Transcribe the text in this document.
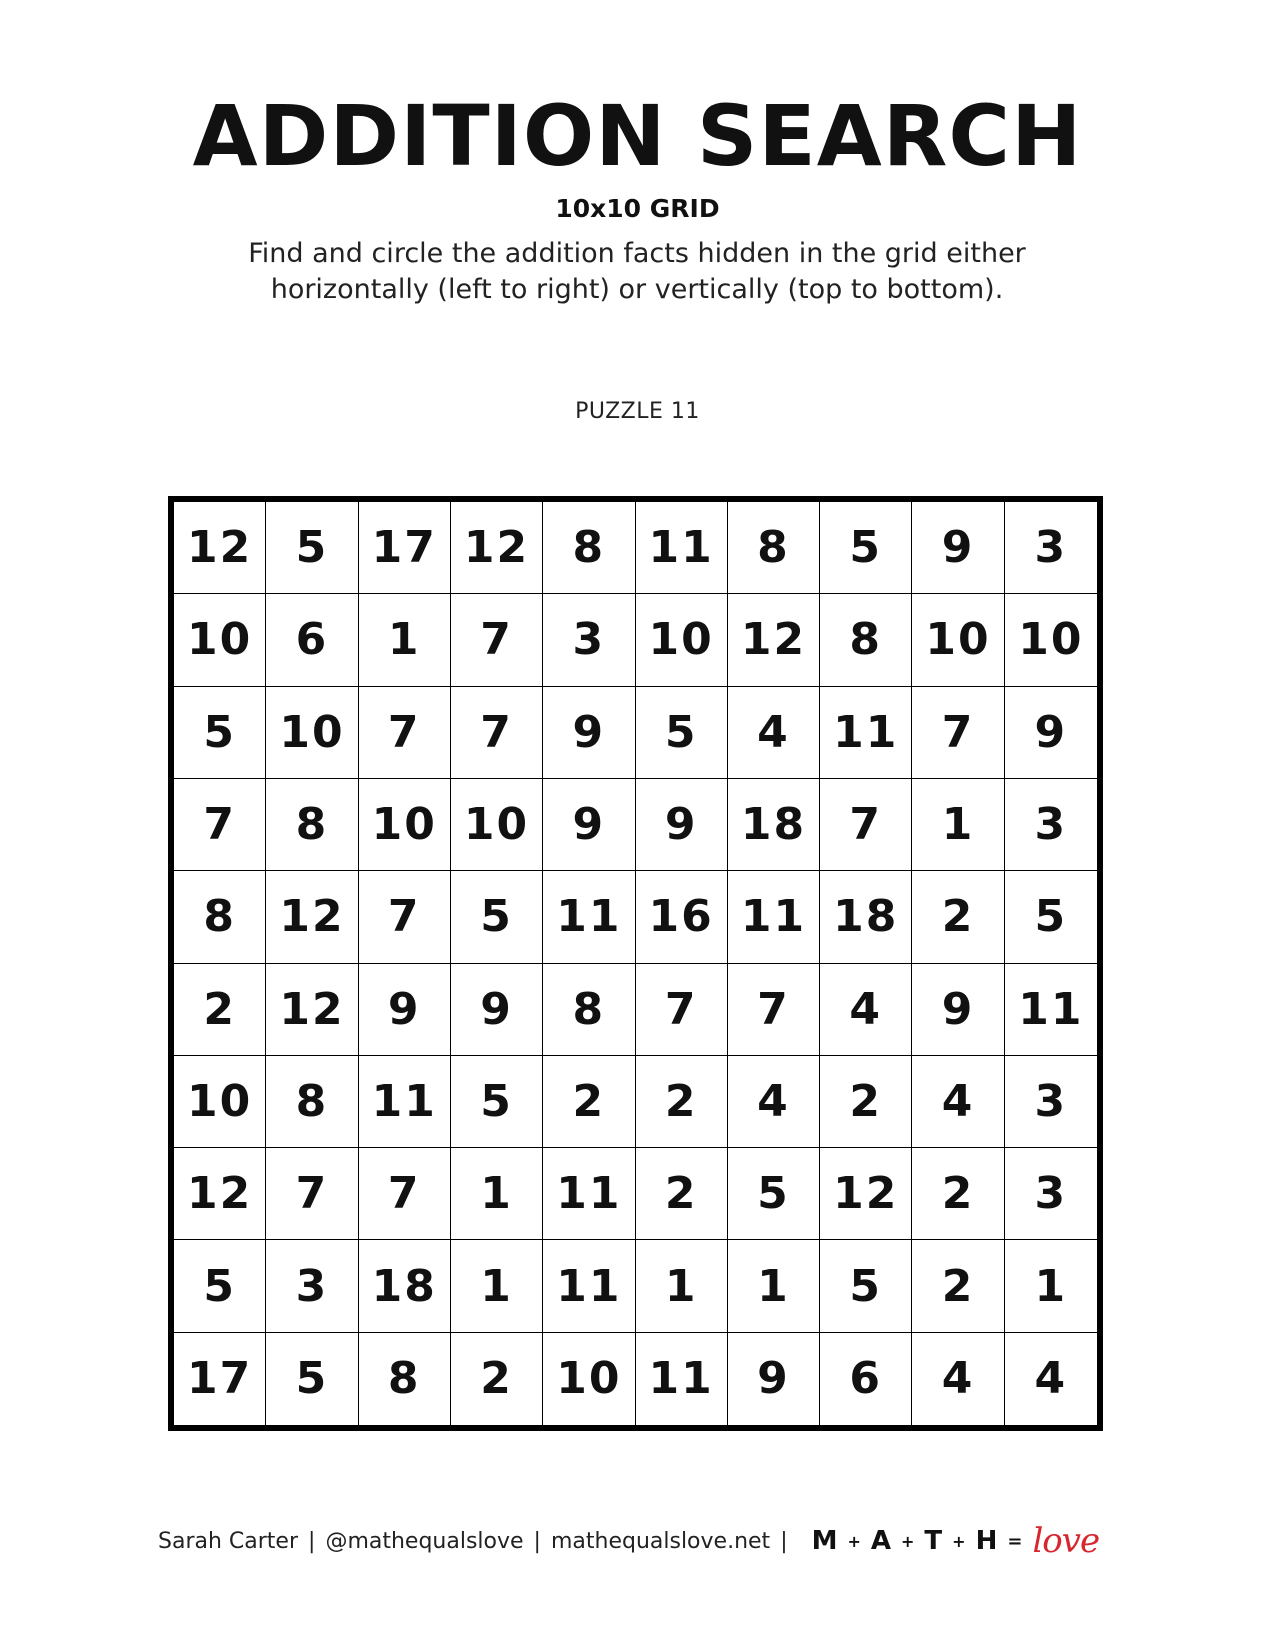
ADDITION SEARCH
10x10 GRID
Find and circle the addition facts hidden in the grid either
horizontally (left to right) or vertically (top to bottom).
PUZZLE 11
12 5 17 12 8 11 8	5	9	3
10 6	1	7	3 10 12 8 10 10
5 10 7	7	9	5	4 11 7	9
7	8 10 10 9	9 18 7	1	3
8 12 7	5 11 16 11 18 2	5
2 12 9	9	8	7	7	4	9 11
10 8 11 5	2	2	4	2	4	3
12 7	7	1 11 2	5 12 2	3
5	3 18 1 11 1	1	5	2	1
17 5	8	2 10 11 9	6	4	4
Sarah Carter | @mathequalslove | mathequalslove.net | M + A + T + H = love
